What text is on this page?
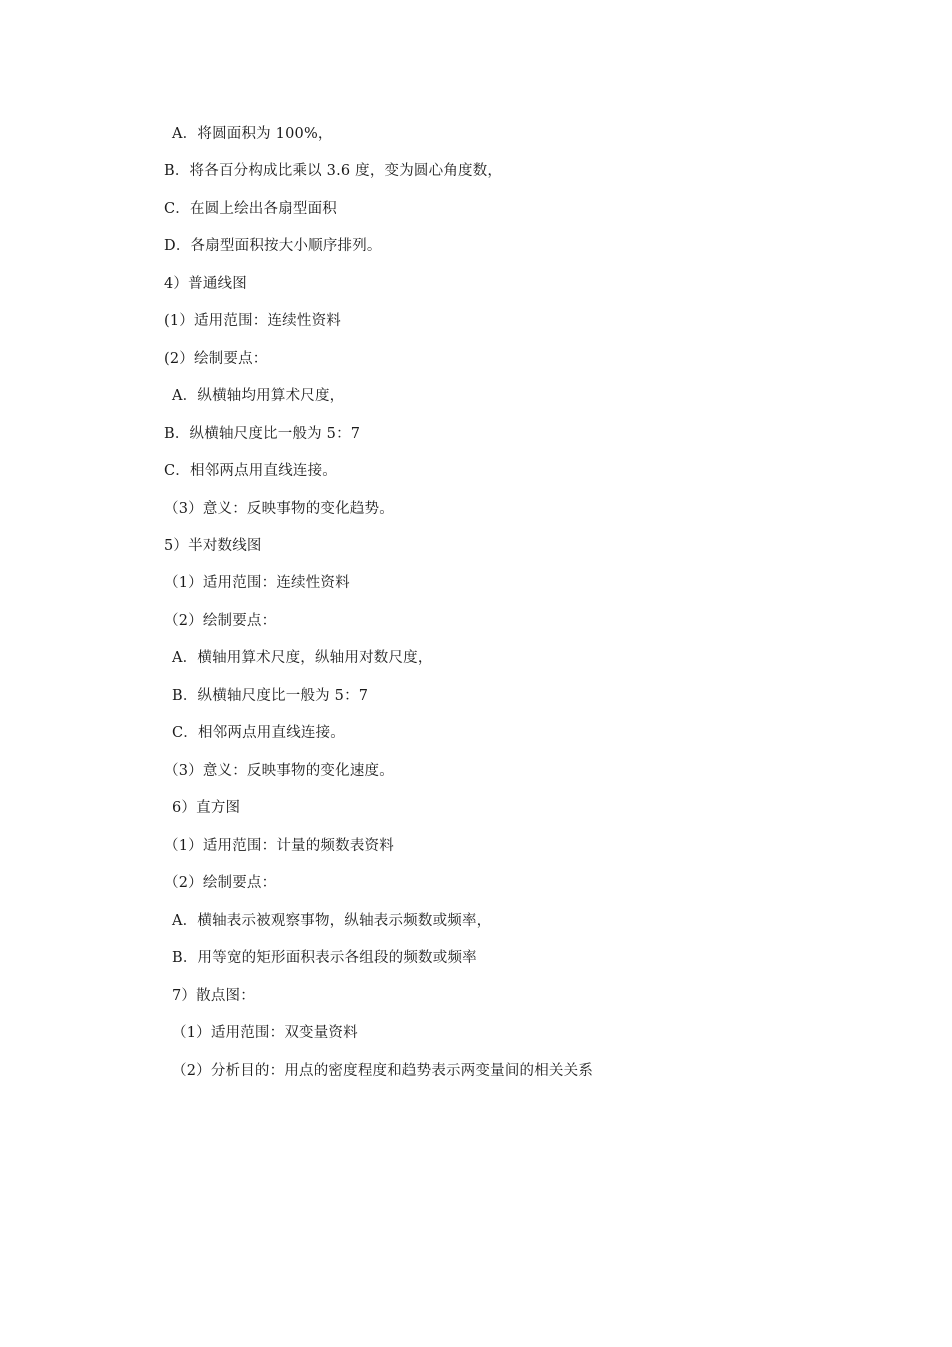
A．将圆面积为 100%，
B．将各百分构成比乘以 3.6 度，变为圆心角度数，
C．在圆上绘出各扇型面积
D．各扇型面积按大小顺序排列。
4）普通线图
(1）适用范围：连续性资料
(2）绘制要点：
A．纵横轴均用算术尺度，
B．纵横轴尺度比一般为 5：7
C．相邻两点用直线连接。
（3）意义：反映事物的变化趋势。
5）半对数线图
（1）适用范围：连续性资料
（2）绘制要点：
A．横轴用算术尺度，纵轴用对数尺度，
B．纵横轴尺度比一般为 5：7
C．相邻两点用直线连接。
（3）意义：反映事物的变化速度。
6）直方图
（1）适用范围：计量的频数表资料
（2）绘制要点：
A．横轴表示被观察事物，纵轴表示频数或频率，
B．用等宽的矩形面积表示各组段的频数或频率
7）散点图：
（1）适用范围：双变量资料
（2）分析目的：用点的密度程度和趋势表示两变量间的相关关系
